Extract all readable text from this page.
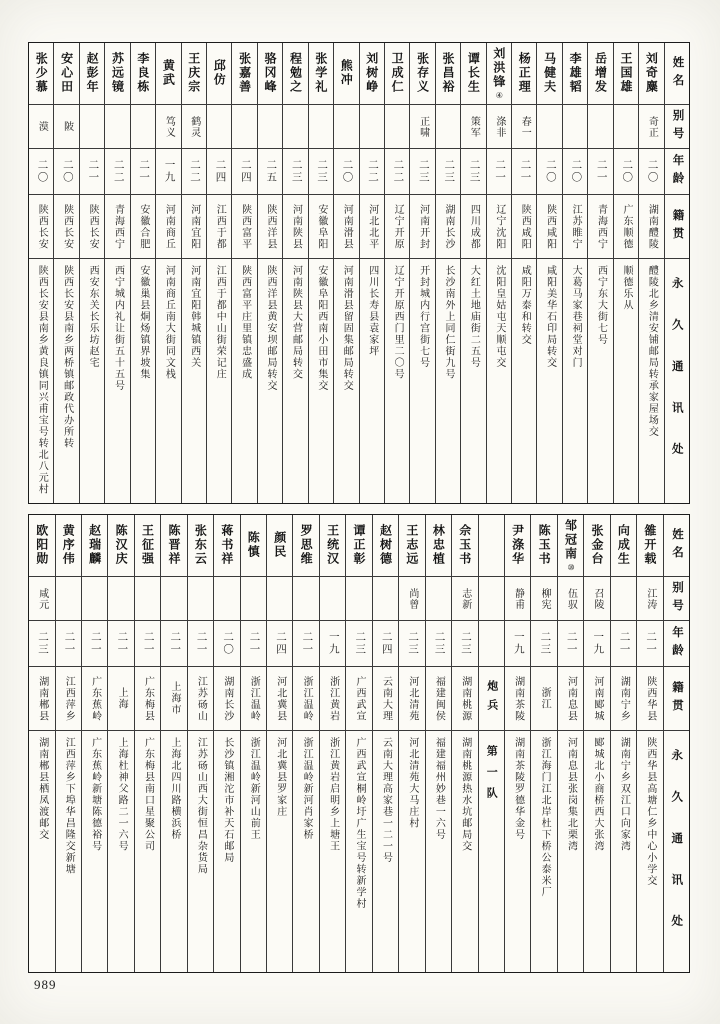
姓名
别号
年龄
籍贯
永久通讯处
刘奇麋
奇正
二〇
湖南醴陵
醴陵北乡清安铺邮局转承家屋场交
王国雄
二〇
广东顺德
顺德乐从
岳增发
二一
青海西宁
西宁东大街七号
李雄韬
二〇
江苏睢宁
大葛马家巷祠堂对门
马健夫
二〇
陕西咸阳
咸阳美华石印局转交
杨正理
春一
二一
陕西咸阳
咸阳万泰和转交
刘洪锋
④
涤非
二一
辽宁沈阳
沈阳皇姑屯天顺屯交
谭长生
策军
二三
四川成都
大红土地庙街二五号
张昌裕
二三
湖南长沙
长沙南外上同仁街九号
张存义
正啸
二三
河南开封
开封城内行宫街七号
卫成仁
二二
辽宁开原
辽宁开原西门里二〇号
刘树峥
二二
河北北平
四川长寿县袁家坪
熊冲
二〇
河南滑县
河南滑县留固集邮局转交
张学礼
二三
安徽阜阳
安徽阜阳西南小田市集交
程勉之
二三
河南陕县
河南陕县大营邮局转交
骆冈峰
二五
陕西洋县
陕西洋县黄安坝邮局转交
张嘉善
二四
陕西富平
陕西富平庄里镇忠盛成
邱仿
二四
江西于都
江西于都中山街荣记庄
王庆宗
鹤灵
二二
河南宜阳
河南宜阳韩城镇西关
黄武
笃义
一九
河南商丘
河南商丘南大街同文栈
李良栋
二一
安徽合肥
安徽巢县烔炀镇界坡集
苏远镜
二二
青海西宁
西宁城内礼让街五十五号
赵彭年
二一
陕西长安
西安东关长乐坊赵宅
安心田
陂
二〇
陕西长安
陕西长安县南乡两桥镇邮政代办所转
张少慕
漠
二〇
陕西长安
陕西长安县南乡黄良镇同兴甫宝号转北八元村
姓名
别号
年龄
籍贯
永久通讯处
雒开载
江涛
二一
陕西华县
陕西华县高塘仁乡中心小学交
向成生
二一
湖南宁乡
湖南宁乡双江口向家湾
张金台
召陵
一九
河南郾城
郾城北小商桥西大张湾
邹冠南
⑩
伍驭
二一
河南息县
河南息县张岗集北栗湾
陈玉书
柳宪
二三
浙江
浙江海门江北岸杜下桥公泰米厂
尹涤华
静甫
一九
湖南茶陵
湖南茶陵罗德华金号
炮兵
第一队
佘玉书
志新
二三
湖南桃源
湖南桃源热水坑邮局交
林忠植
二三
福建闽侯
福建福州妙巷一六号
王志远
尚曾
二三
河北清苑
河北清苑大马庄村
赵树德
二四
云南大理
云南大理高家巷一二一号
谭正彰
二三
广西武宣
广西武宣桐岭圩广生宝号转新学村
王统汉
一九
浙江黄岩
浙江黄岩启明乡上塘王
罗思维
二一
浙江温岭
浙江温岭新河肖家桥
颜民
二四
河北冀县
河北冀县罗家庄
陈慎
二一
浙江温岭
浙江温岭新河山前王
蒋书祥
二〇
湖南长沙
长沙镇湘沱市补天石邮局
张东云
二一
江苏砀山
江苏砀山西大街恒昌杂货局
陈晋祥
二一
上海市
上海北四川路横浜桥
王征强
二一
广东梅县
广东梅县南口星聚公司
陈汉庆
二一
上海
上海杜神父路二一六号
赵瑞麟
二一
广东蕉岭
广东蕉岭新塘陈德裕号
黄序伟
二一
江西萍乡
江西萍乡下埠华昌隆交新塘
欧阳勋
咸元
二三
湖南郴县
湖南郴县栖凤渡邮交
989
